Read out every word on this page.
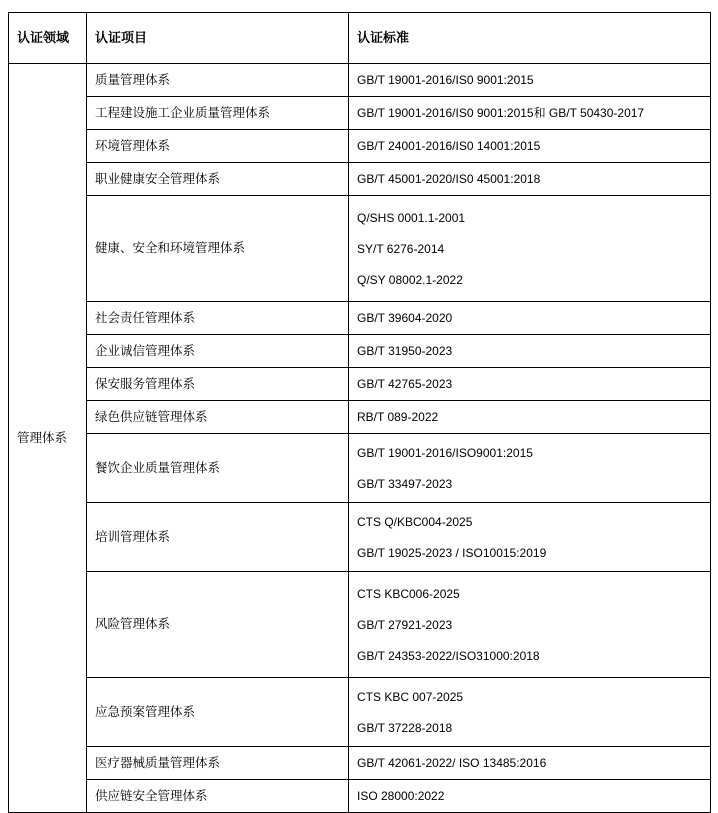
认证领域	认证项目	认证标准
管理体系	质量管理体系	GB/T 19001-2016/IS0 9001:2015

	工程建设施工企业质量管理体系	GB/T 19001-2016/IS0 9001:2015和 GB/T 50430-2017

	环境管理体系	GB/T 24001-2016/IS0 14001:2015

	职业健康安全管理体系	GB/T 45001-2020/IS0 45001:2018

	健康、安全和环境管理体系	Q/SHS 0001.1-2001
SY/T 6276-2014
Q/SY 08002.1-2022

	社会责任管理体系	GB/T 39604-2020

	企业诚信管理体系	GB/T 31950-2023

	保安服务管理体系	GB/T 42765-2023

	绿色供应链管理体系	RB/T 089-2022

	餐饮企业质量管理体系	GB/T 19001-2016/ISO9001:2015
GB/T 33497-2023

	培训管理体系	CTS Q/KBC004-2025
GB/T 19025-2023 / ISO10015:2019

	风险管理体系	CTS KBC006-2025
GB/T 27921-2023
GB/T 24353-2022/ISO31000:2018

	应急预案管理体系	CTS KBC 007-2025
GB/T 37228-2018

	医疗器械质量管理体系	GB/T 42061-2022/ ISO 13485:2016

	供应链安全管理体系	ISO 28000:2022
